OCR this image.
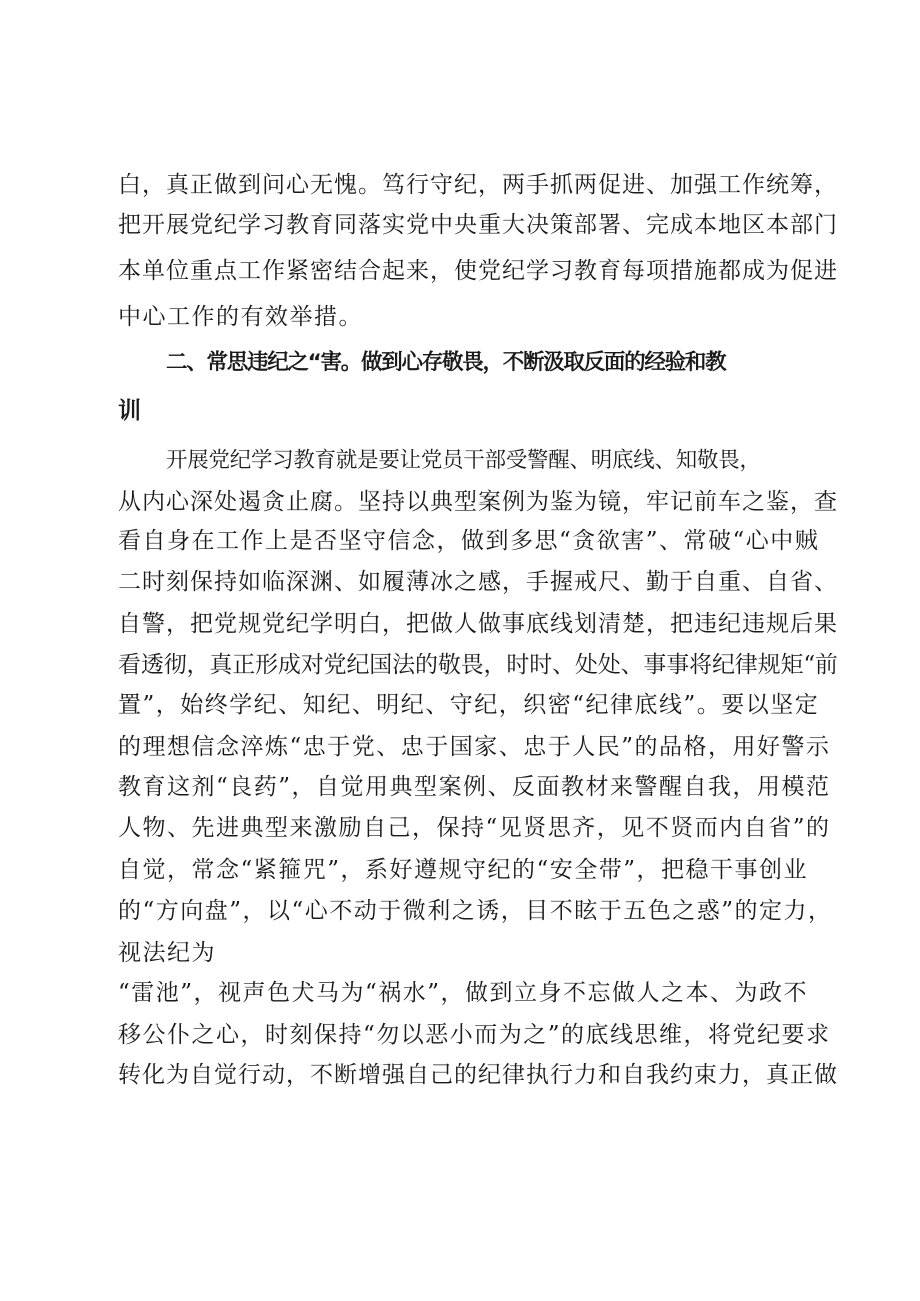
白，真正做到问心无愧。笃行守纪，两手抓两促进、加强工作统筹，
把开展党纪学习教育同落实党中央重大决策部署、完成本地区本部门
本单位重点工作紧密结合起来，使党纪学习教育每项措施都成为促进
中心工作的有效举措。
二、常思违纪之“害。做到心存敬畏，不断汲取反面的经验和教
训
开展党纪学习教育就是要让党员干部受警醒、明底线、知敬畏，
从内心深处遏贪止腐。坚持以典型案例为鉴为镜，牢记前车之鉴，查
看自身在工作上是否坚守信念，做到多思“贪欲害”、常破“心中贼
二时刻保持如临深渊、如履薄冰之感，手握戒尺、勤于自重、自省、
自警，把党规党纪学明白，把做人做事底线划清楚，把违纪违规后果
看透彻，真正形成对党纪国法的敬畏，时时、处处、事事将纪律规矩“前
置”，始终学纪、知纪、明纪、守纪，织密“纪律底线”。要以坚定
的理想信念淬炼“忠于党、忠于国家、忠于人民”的品格，用好警示
教育这剂“良药”，自觉用典型案例、反面教材来警醒自我，用模范
人物、先进典型来激励自己，保持“见贤思齐，见不贤而内自省”的
自觉，常念“紧箍咒”，系好遵规守纪的“安全带”，把稳干事创业
的“方向盘”，以“心不动于微利之诱，目不眩于五色之惑”的定力，
视法纪为
“雷池”，视声色犬马为“祸水”，做到立身不忘做人之本、为政不
移公仆之心，时刻保持“勿以恶小而为之”的底线思维，将党纪要求
转化为自觉行动，不断增强自己的纪律执行力和自我约束力，真正做
